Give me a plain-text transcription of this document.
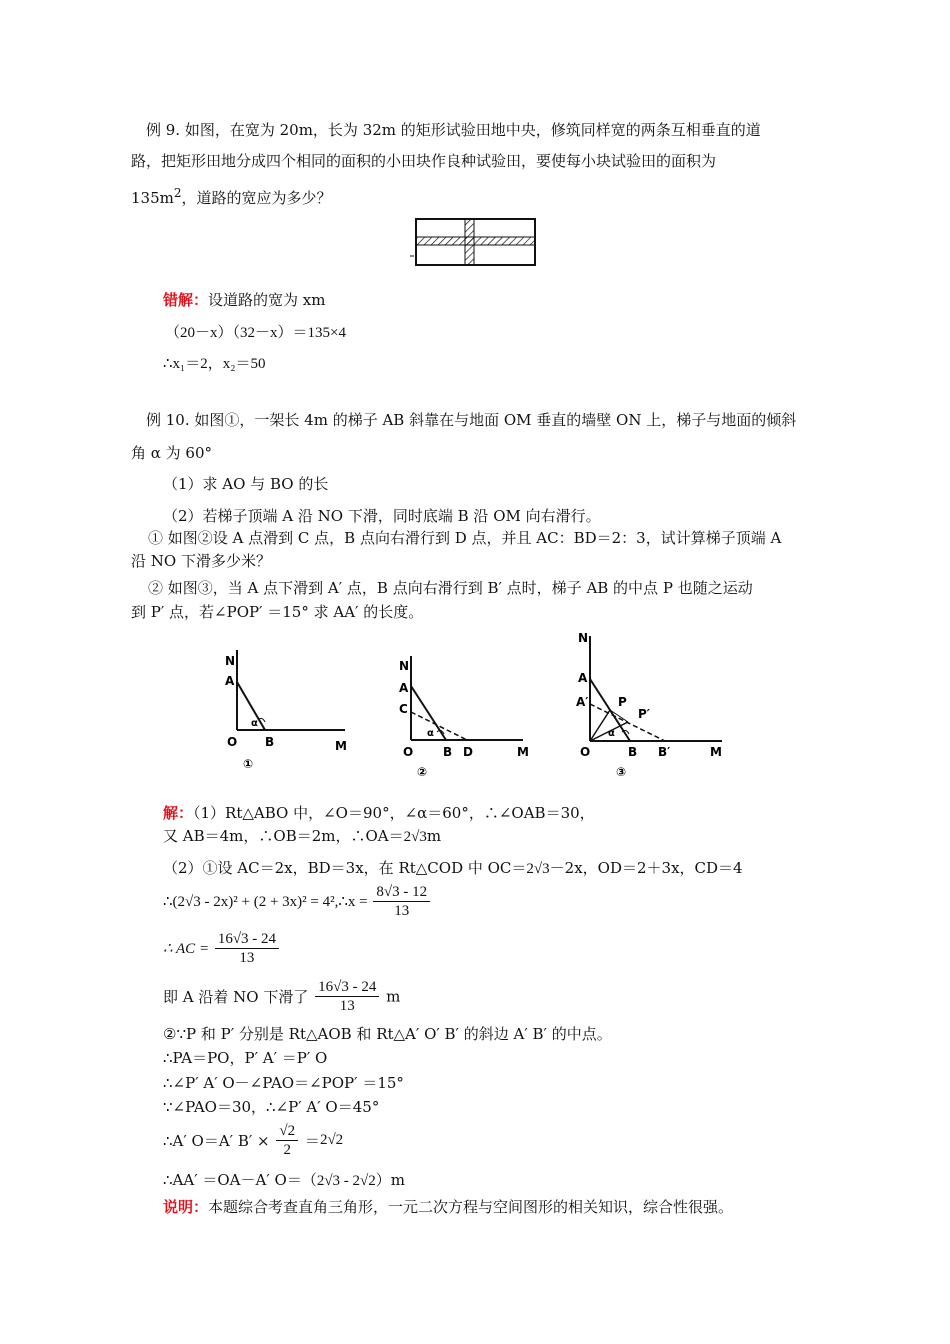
例 9. 如图，在宽为 20m，长为 32m 的矩形试验田地中央，修筑同样宽的两条互相垂直的道
路，把矩形田地分成四个相同的面积的小田块作良种试验田，要使每小块试验田的面积为
$135m^2$，道路的宽应为多少？
错解：设道路的宽为 xm
（20－x）（32－x）＝135×4
∴x₁＝2，x₂＝50
例 10. 如图①，一架长 4m 的梯子 AB 斜靠在与地面 OM 垂直的墙壁 ON 上，梯子与地面的倾斜
角 α 为 60°
（1）求 AO 与 BO 的长
（2）若梯子顶端 A 沿 NO 下滑，同时底端 B 沿 OM 向右滑行。
① 如图②设 A 点滑到 C 点，B 点向右滑行到 D 点，并且 AC：BD＝2：3，试计算梯子顶端 A
沿 NO 下滑多少米？
② 如图③，当 A 点下滑到 A′ 点，B 点向右滑行到 B′ 点时，梯子 AB 的中点 P 也随之运动
到 P′ 点，若∠POP′ ＝15° 求 AA′ 的长度。
N
A
α
O B	M
①
N
A
C
α
O B D	M
②
N
A
A′ P
P′
α
O	B B′	M
③
解：（1）Rt△ABO 中，∠O＝90°，∠α＝60°，∴∠OAB＝30，
又 AB＝4m，∴OB＝2m，∴OA＝2√3m
（2）①设 AC＝2x，BD＝3x，在 Rt△COD 中 OC＝2√3－2x，OD＝2＋3x，CD＝4
∴(2√3 - 2x)² + (2 + 3x)² = 4²,∴x = $\frac{8√3 - 12}{13}$
∴ AC = $\frac{16√3 - 24}{13}$
即 A 沿着 NO 下滑了 $\frac{16√3 - 24}{13}$ m
②∵P 和 P′ 分别是 Rt△AOB 和 Rt△A′ O′ B′ 的斜边 A′ B′ 的中点。
∴PA＝PO，P′ A′ ＝P′ O
∴∠P′ A′ O－∠PAO＝∠POP′ ＝15°
∵∠PAO＝30，∴∠P′ A′ O＝45°
∴A′ O＝A′ $B' \times \frac{√2}{2} =2√2$
∴AA′ ＝OA－A′ O＝（2√3 - 2√2）m
说明：本题综合考查直角三角形，一元二次方程与空间图形的相关知识，综合性很强。
